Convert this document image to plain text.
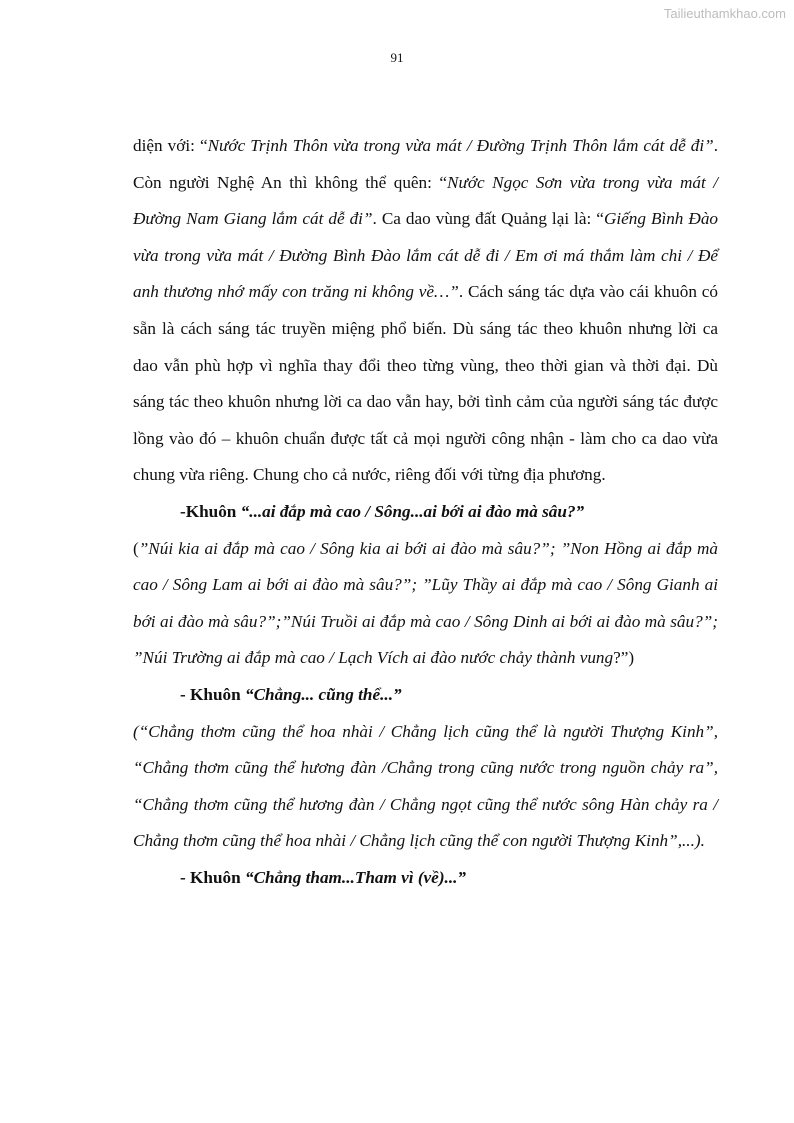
Tailieuthamkhao.com
91

diện với: “Nước Trịnh Thôn vừa trong vừa mát / Đường Trịnh Thôn lắm cát dễ đi”. Còn người Nghệ An thì không thể quên: “Nước Ngọc Sơn vừa trong vừa mát / Đường Nam Giang lắm cát dễ đi”. Ca dao vùng đất Quảng lại là: “Giếng Bình Đào vừa trong vừa mát / Đường Bình Đào lắm cát dễ đi / Em ơi má thắm làm chi / Để anh thương nhớ mấy con trăng ni không về…”. Cách sáng tác dựa vào cái khuôn có sẵn là cách sáng tác truyền miệng phổ biến. Dù sáng tác theo khuôn nhưng lời ca dao vẫn phù hợp vì nghĩa thay đổi theo từng vùng, theo thời gian và thời đại. Dù sáng tác theo khuôn nhưng lời ca dao vẫn hay, bởi tình cảm của người sáng tác được lồng vào đó – khuôn chuẩn được tất cả mọi người công nhận - làm cho ca dao vừa chung vừa riêng. Chung cho cả nước, riêng đối với từng địa phương.

-Khuôn “...ai đắp mà cao / Sông...ai bới ai đào mà sâu?”

(”Núi kia ai đắp mà cao / Sông kia ai bới ai đào mà sâu?”; ”Non Hồng ai đắp mà cao / Sông Lam ai bới ai đào mà sâu?”; ”Lũy Thầy ai đắp mà cao / Sông Gianh ai bới ai đào mà sâu?”;”Núi Truồi ai đắp mà cao / Sông Dinh ai bới ai đào mà sâu?”; ”Núi Trường ai đắp mà cao / Lạch Vích ai đào nước chảy thành vung?”)

- Khuôn “Chẳng... cũng thể...”

(“Chẳng thơm cũng thể hoa nhài / Chẳng lịch cũng thể là người Thượng Kinh”, “Chẳng thơm cũng thể hương đàn /Chẳng trong cũng nước trong nguồn chảy ra”, “Chẳng thơm cũng thể hương đàn / Chẳng ngọt cũng thể nước sông Hàn chảy ra / Chẳng thơm cũng thể hoa nhài / Chẳng lịch cũng thể con người Thượng Kinh”,...).

- Khuôn “Chẳng tham...Tham vì (về)...”
